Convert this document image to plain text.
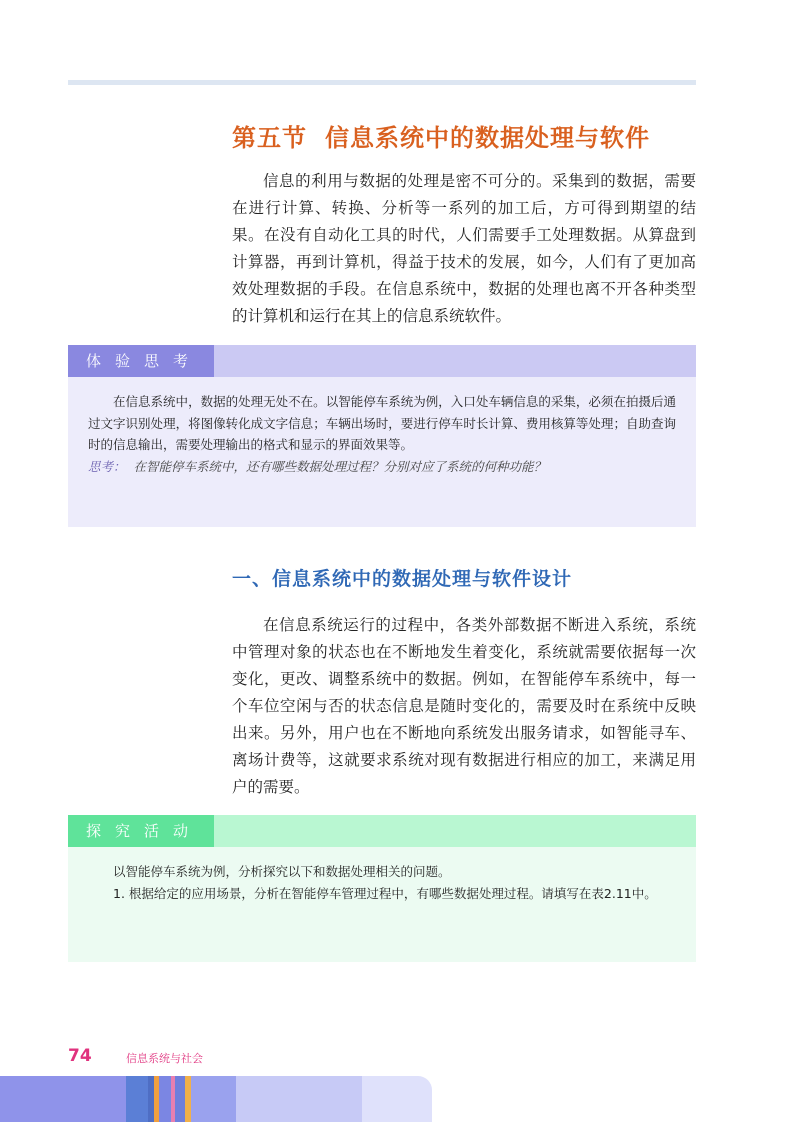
第五节 信息系统中的数据处理与软件

信息的利用与数据的处理是密不可分的。采集到的数据，需要在进行计算、转换、分析等一系列的加工后，方可得到期望的结果。在没有自动化工具的时代，人们需要手工处理数据。从算盘到计算器，再到计算机，得益于技术的发展，如今，人们有了更加高效处理数据的手段。在信息系统中，数据的处理也离不开各种类型的计算机和运行在其上的信息系统软件。

体验思考

在信息系统中，数据的处理无处不在。以智能停车系统为例，入口处车辆信息的采集，必须在拍摄后通过文字识别处理，将图像转化成文字信息；车辆出场时，要进行停车时长计算、费用核算等处理；自助查询时的信息输出，需要处理输出的格式和显示的界面效果等。

思考： 在智能停车系统中，还有哪些数据处理过程？分别对应了系统的何种功能？

一、信息系统中的数据处理与软件设计

在信息系统运行的过程中，各类外部数据不断进入系统，系统中管理对象的状态也在不断地发生着变化，系统就需要依据每一次变化，更改、调整系统中的数据。例如，在智能停车系统中，每一个车位空闲与否的状态信息是随时变化的，需要及时在系统中反映出来。另外，用户也在不断地向系统发出服务请求，如智能寻车、离场计费等，这就要求系统对现有数据进行相应的加工，来满足用户的需要。

探究活动

以智能停车系统为例，分析探究以下和数据处理相关的问题。

1. 根据给定的应用场景，分析在智能停车管理过程中，有哪些数据处理过程。请填写在表2.11中。

74	信息系统与社会
